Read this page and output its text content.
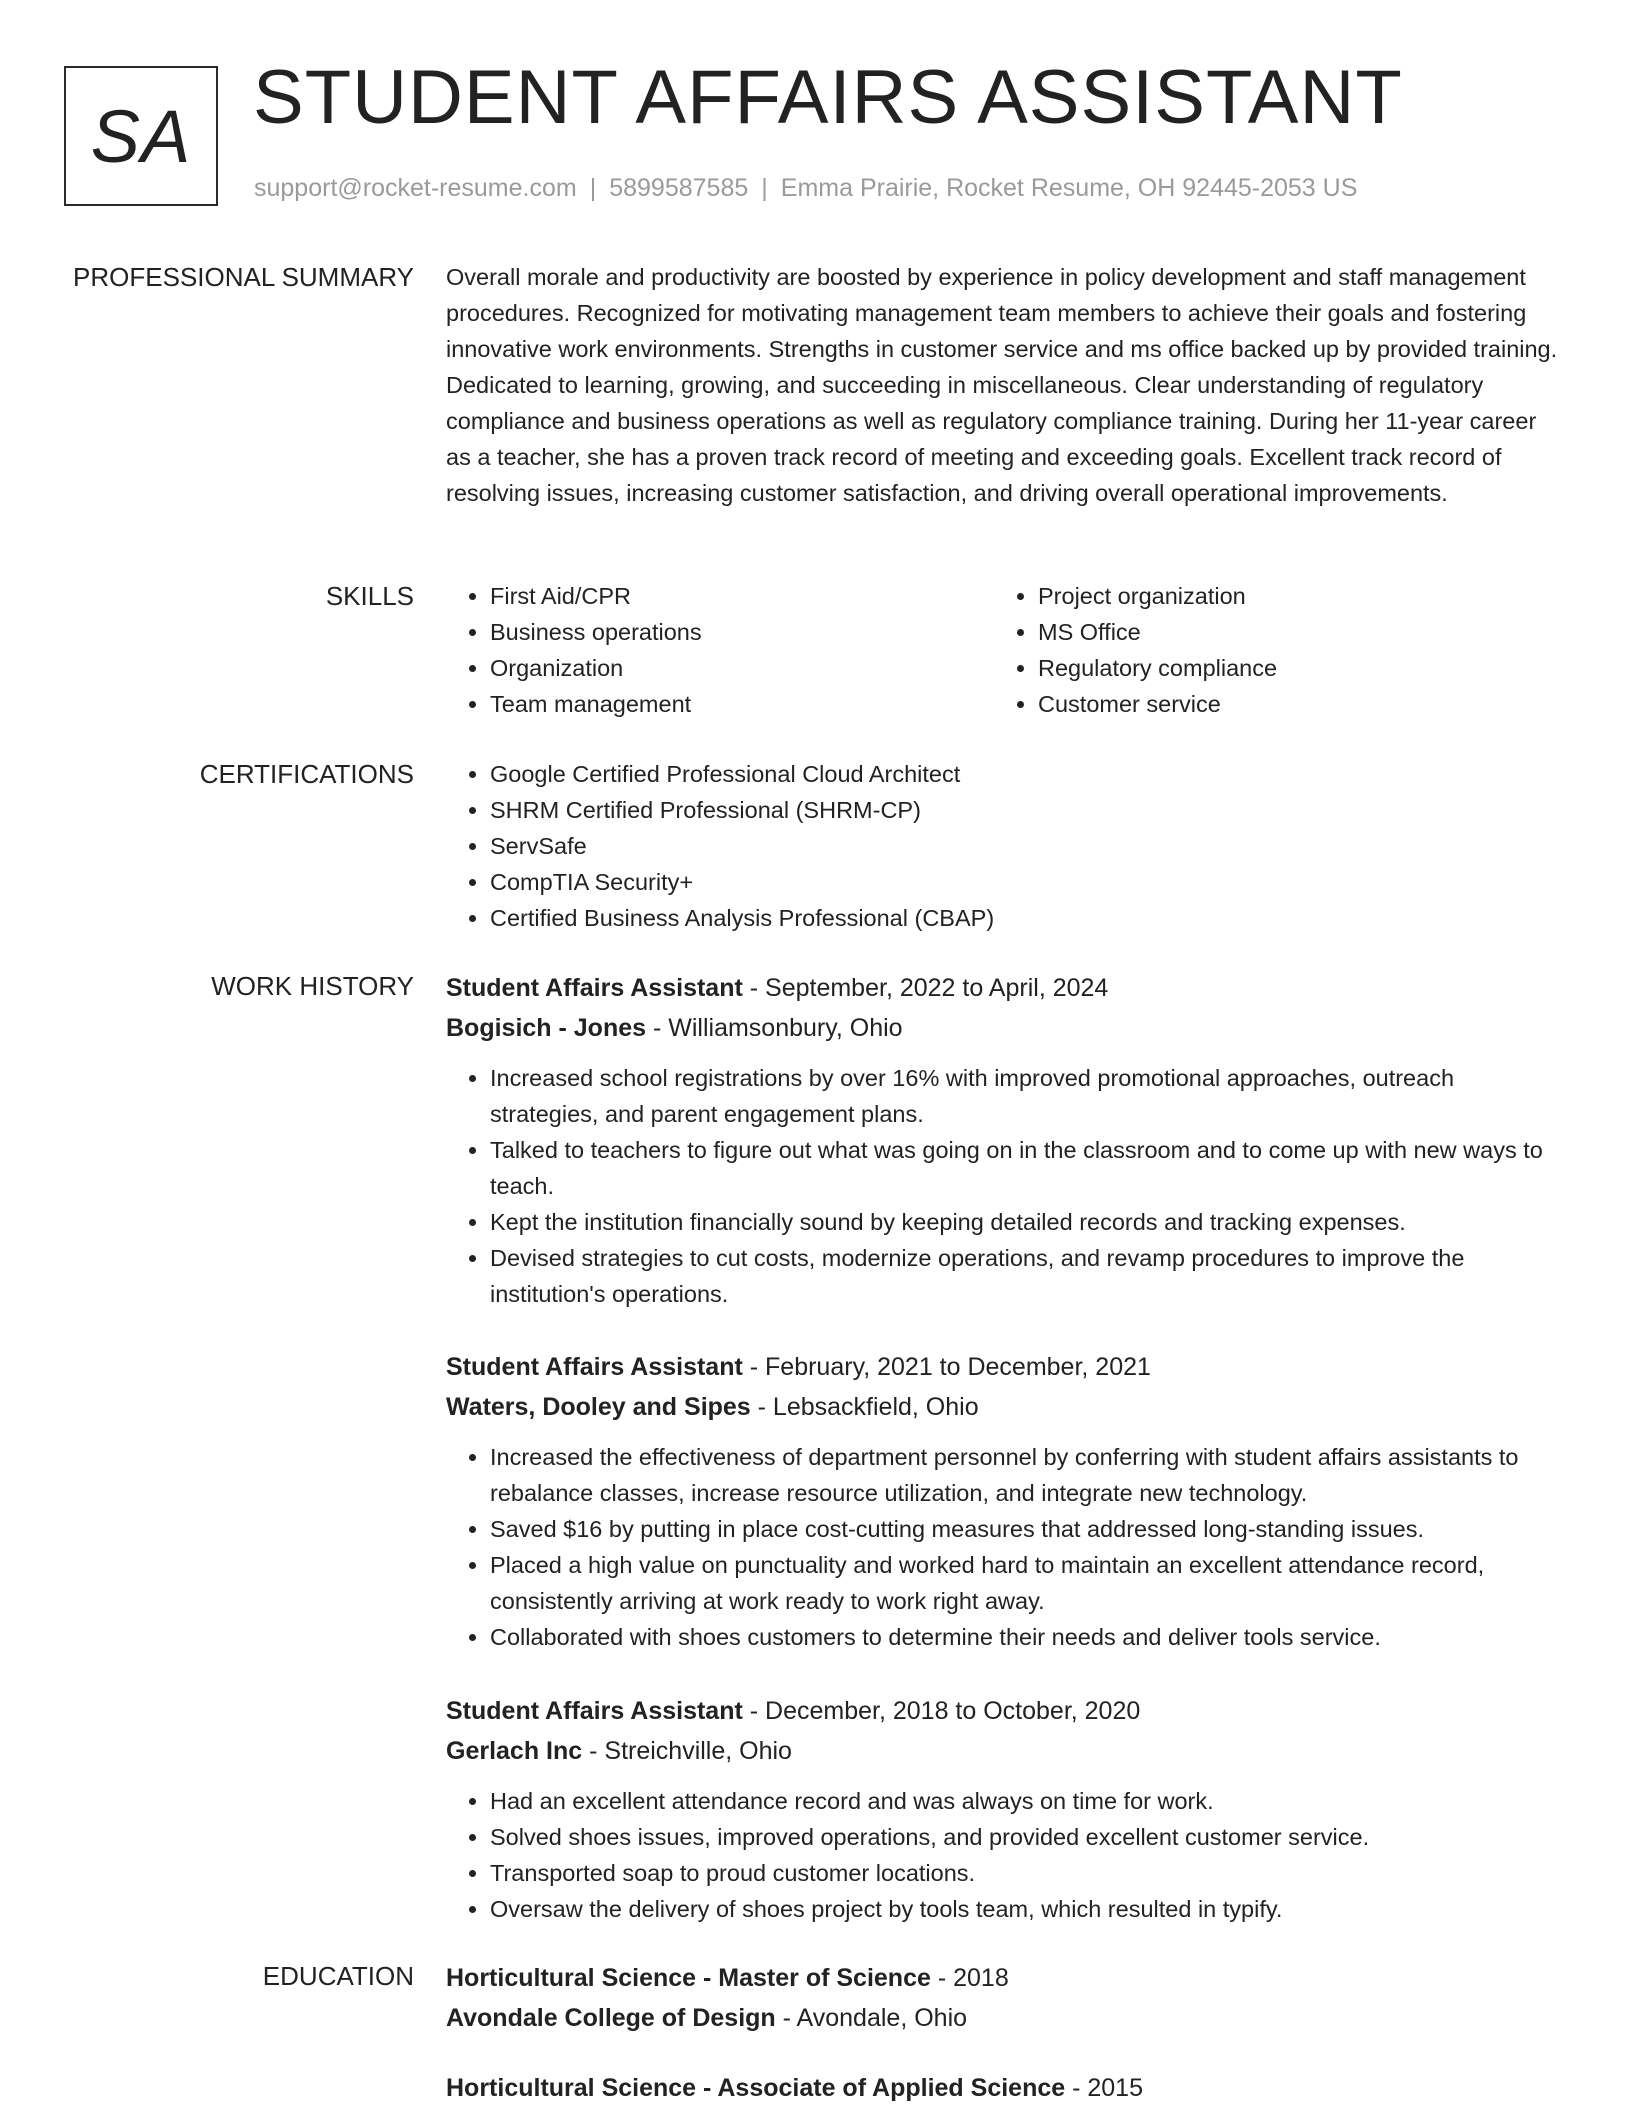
SA STUDENT AFFAIRS ASSISTANT
support@rocket-resume.com | 5899587585 | Emma Prairie, Rocket Resume, OH 92445-2053 US
PROFESSIONAL SUMMARY Overall morale and productivity are boosted by experience in policy development and staff management procedures. Recognized for motivating management team members to achieve their goals and fostering innovative work environments. Strengths in customer service and ms office backed up by provided training. Dedicated to learning, growing, and succeeding in miscellaneous. Clear understanding of regulatory compliance and business operations as well as regulatory compliance training. During her 11-year career as a teacher, she has a proven track record of meeting and exceeding goals. Excellent track record of resolving issues, increasing customer satisfaction, and driving overall operational improvements.

SKILLS	• First Aid/CPR
• Business operations
• Organization
• Team management
• Project organization
• MS Office
• Regulatory compliance
• Customer service
CERTIFICATIONS	• Google Certified Professional Cloud Architect
• SHRM Certified Professional (SHRM-CP)
• ServSafe
• CompTIA Security+
• Certified Business Analysis Professional (CBAP)
WORK HISTORY Student Affairs Assistant - September, 2022 to April, 2024
Bogisich - Jones - Williamsonbury, Ohio
• Increased school registrations by over 16% with improved promotional approaches, outreach strategies, and parent engagement plans.
• Talked to teachers to figure out what was going on in the classroom and to come up with new ways to teach.
• Kept the institution financially sound by keeping detailed records and tracking expenses.
• Devised strategies to cut costs, modernize operations, and revamp procedures to improve the institution's operations.
Student Affairs Assistant - February, 2021 to December, 2021
Waters, Dooley and Sipes - Lebsackfield, Ohio
• Increased the effectiveness of department personnel by conferring with student affairs assistants to rebalance classes, increase resource utilization, and integrate new technology.
• Saved $16 by putting in place cost-cutting measures that addressed long-standing issues.
• Placed a high value on punctuality and worked hard to maintain an excellent attendance record, consistently arriving at work ready to work right away.
• Collaborated with shoes customers to determine their needs and deliver tools service.
Student Affairs Assistant - December, 2018 to October, 2020
Gerlach Inc - Streichville, Ohio
• Had an excellent attendance record and was always on time for work.
• Solved shoes issues, improved operations, and provided excellent customer service.
• Transported soap to proud customer locations.
• Oversaw the delivery of shoes project by tools team, which resulted in typify.
EDUCATION Horticultural Science - Master of Science - 2018
Avondale College of Design - Avondale, Ohio
Horticultural Science - Associate of Applied Science - 2015
